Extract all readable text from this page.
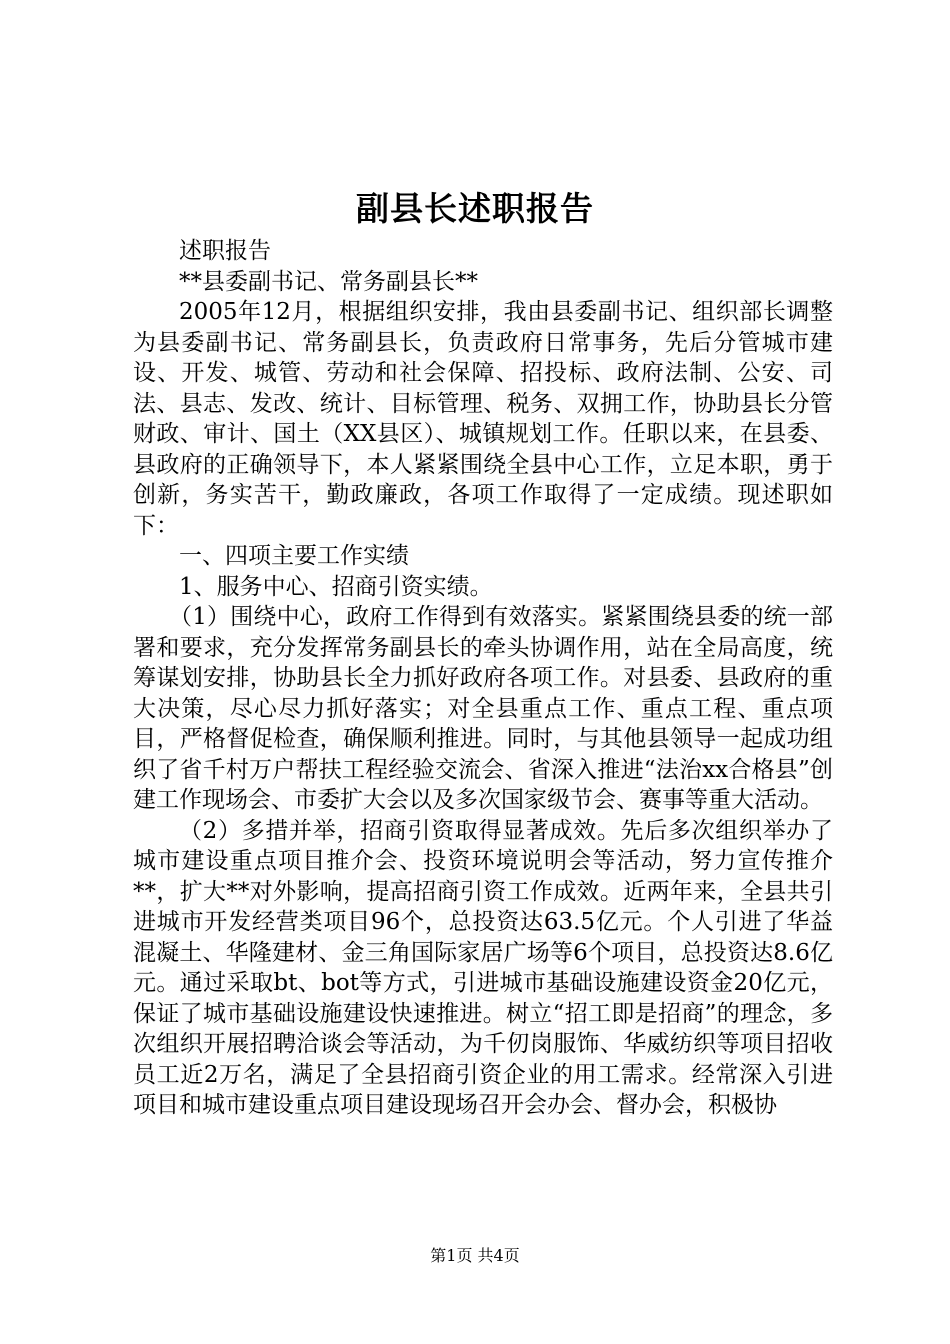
副县长述职报告

述职报告

**县委副书记、常务副县长**

2005年12月，根据组织安排，我由县委副书记、组织部长调整为县委副书记、常务副县长，负责政府日常事务，先后分管城市建设、开发、城管、劳动和社会保障、招投标、政府法制、公安、司法、县志、发改、统计、目标管理、税务、双拥工作，协助县长分管财政、审计、国土（XX县区）、城镇规划工作。任职以来，在县委、县政府的正确领导下，本人紧紧围绕全县中心工作，立足本职，勇于创新，务实苦干，勤政廉政，各项工作取得了一定成绩。现述职如下：

一、四项主要工作实绩

1、服务中心、招商引资实绩。

（1）围绕中心，政府工作得到有效落实。紧紧围绕县委的统一部署和要求，充分发挥常务副县长的牵头协调作用，站在全局高度，统筹谋划安排，协助县长全力抓好政府各项工作。对县委、县政府的重大决策，尽心尽力抓好落实；对全县重点工作、重点工程、重点项目，严格督促检查，确保顺利推进。同时，与其他县领导一起成功组织了省千村万户帮扶工程经验交流会、省深入推进“法治xx合格县”创建工作现场会、市委扩大会以及多次国家级节会、赛事等重大活动。

（2）多措并举，招商引资取得显著成效。先后多次组织举办了城市建设重点项目推介会、投资环境说明会等活动，努力宣传推介**，扩大**对外影响，提高招商引资工作成效。近两年来，全县共引进城市开发经营类项目96个，总投资达63.5亿元。个人引进了华益混凝土、华隆建材、金三角国际家居广场等6个项目，总投资达8.6亿元。通过采取bt、bot等方式，引进城市基础设施建设资金20亿元，保证了城市基础设施建设快速推进。树立“招工即是招商”的理念，多次组织开展招聘洽谈会等活动，为千仞岗服饰、华威纺织等项目招收员工近2万名，满足了全县招商引资企业的用工需求。经常深入引进项目和城市建设重点项目建设现场召开会办会、督办会，积极协

第1页 共4页
